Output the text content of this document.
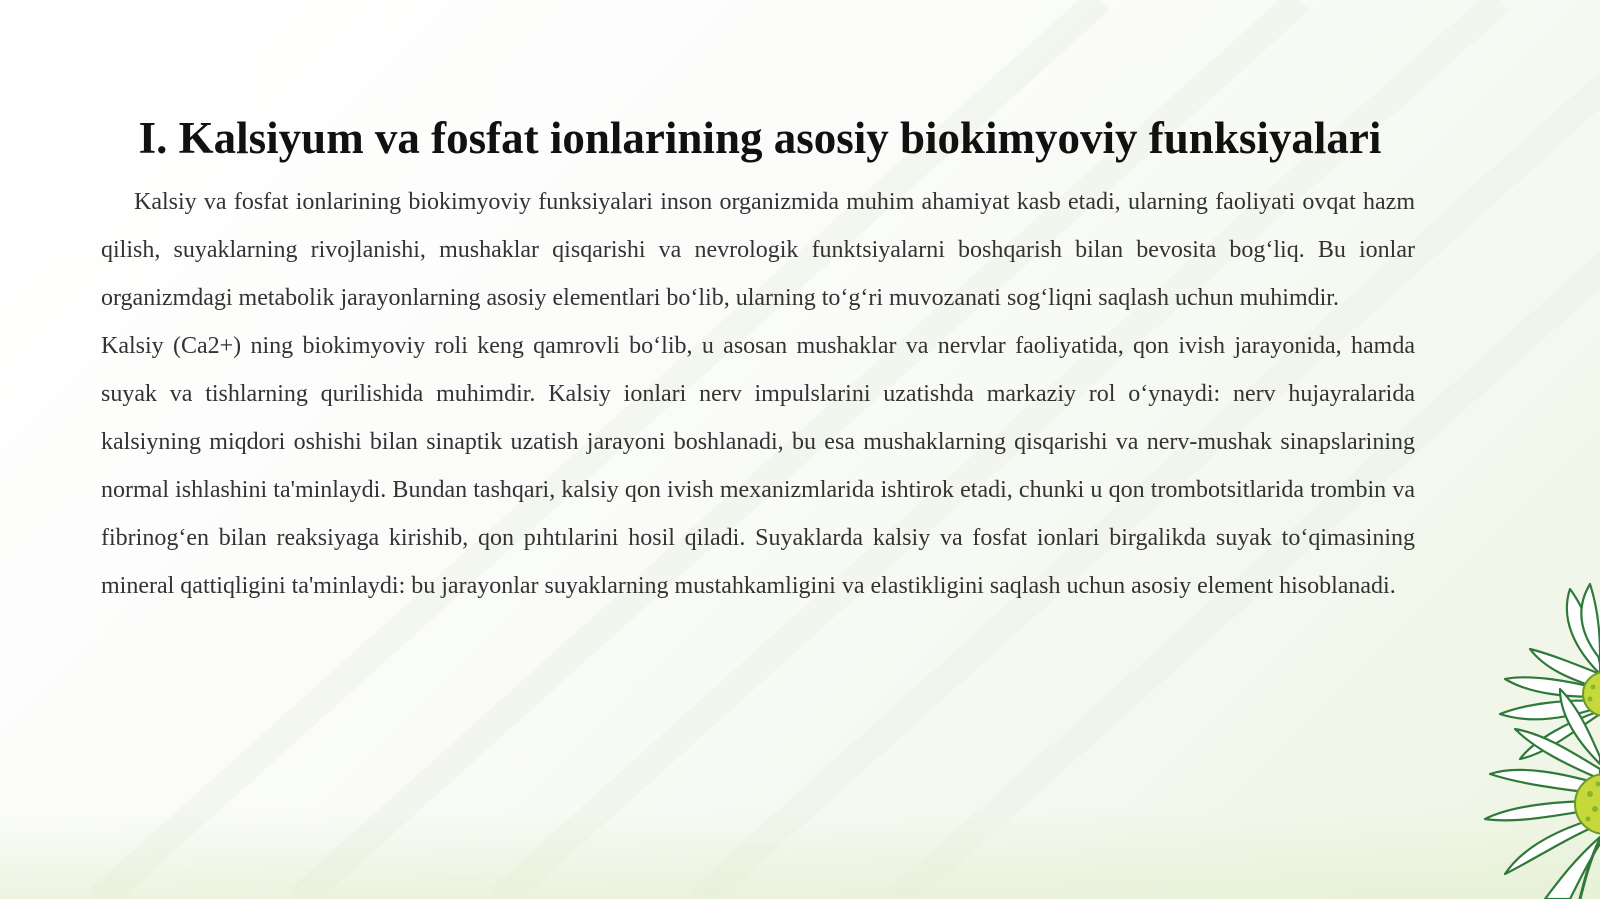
I. Kalsiyum va fosfat ionlarining asosiy biokimyoviy funksiyalari

Kalsiy va fosfat ionlarining biokimyoviy funksiyalari inson organizmida muhim ahamiyat kasb etadi, ularning faoliyati ovqat hazm qilish, suyaklarning rivojlanishi, mushaklar qisqarishi va nevrologik funktsiyalarni boshqarish bilan bevosita bog‘liq. Bu ionlar organizmdagi metabolik jarayonlarning asosiy elementlari bo‘lib, ularning to‘g‘ri muvozanati sog‘liqni saqlash uchun muhimdir.

Kalsiy (Ca2+) ning biokimyoviy roli keng qamrovli bo‘lib, u asosan mushaklar va nervlar faoliyatida, qon ivish jarayonida, hamda suyak va tishlarning qurilishida muhimdir. Kalsiy ionlari nerv impulslarini uzatishda markaziy rol o‘ynaydi: nerv hujayralarida kalsiyning miqdori oshishi bilan sinaptik uzatish jarayoni boshlanadi, bu esa mushaklarning qisqarishi va nerv-mushak sinapslarining normal ishlashini ta'minlaydi. Bundan tashqari, kalsiy qon ivish mexanizmlarida ishtirok etadi, chunki u qon trombotsitlarida trombin va fibrinog‘en bilan reaksiyaga kirishib, qon pıhtılarini hosil qiladi. Suyaklarda kalsiy va fosfat ionlari birgalikda suyak to‘qimasining mineral qattiqligini ta'minlaydi: bu jarayonlar suyaklarning mustahkamligini va elastikligini saqlash uchun asosiy element hisoblanadi.
